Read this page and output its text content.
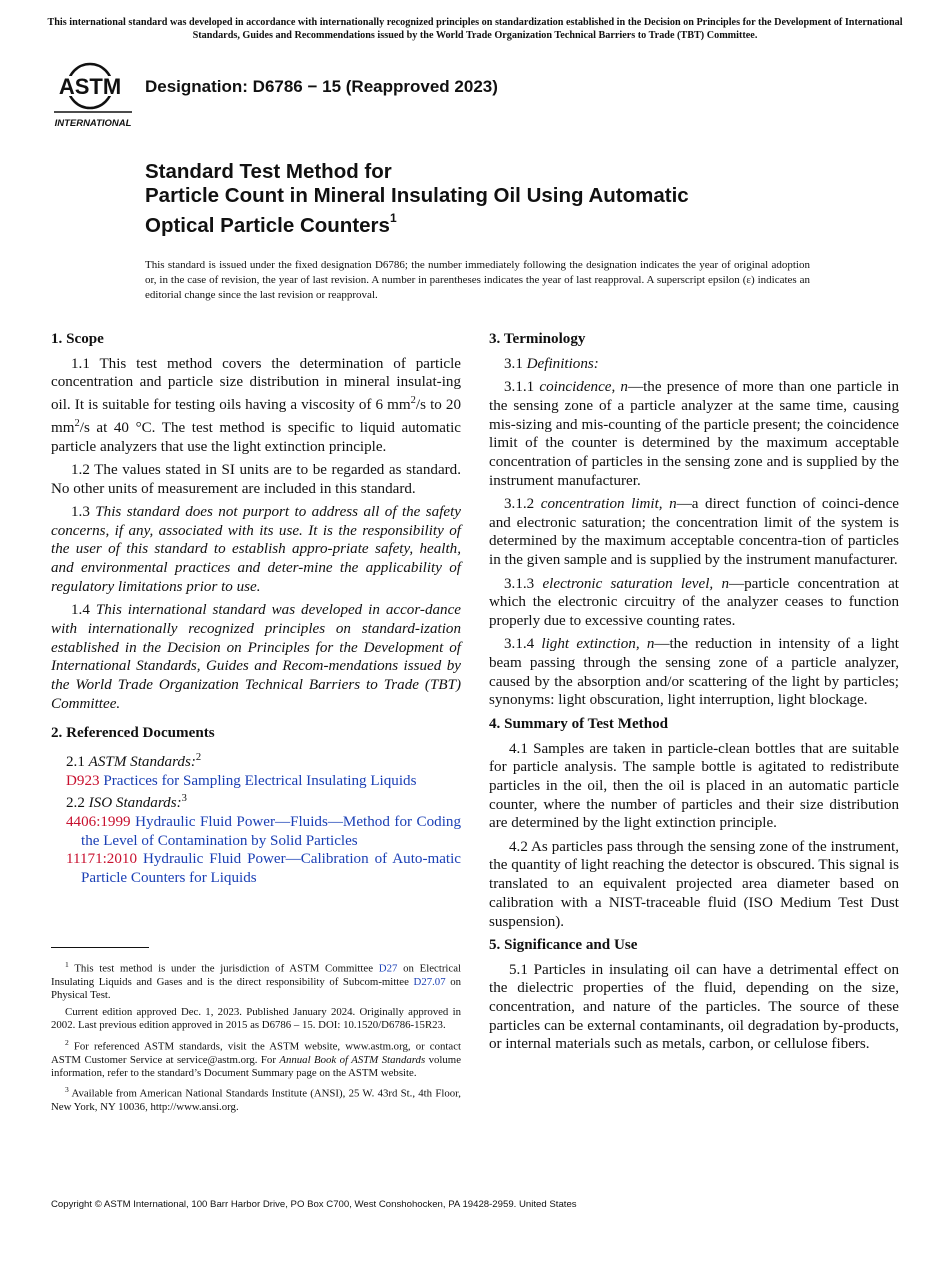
This international standard was developed in accordance with internationally recognized principles on standardization established in the Decision on Principles for the Development of International Standards, Guides and Recommendations issued by the World Trade Organization Technical Barriers to Trade (TBT) Committee.
ASTM
INTERNATIONAL
Designation: D6786 − 15 (Reapproved 2023)
Standard Test Method for
Particle Count in Mineral Insulating Oil Using Automatic
Optical Particle Counters$^1$
This standard is issued under the fixed designation D6786; the number immediately following the designation indicates the year of original adoption or, in the case of revision, the year of last revision. A number in parentheses indicates the year of last reapproval. A superscript epsilon (ε) indicates an editorial change since the last revision or reapproval.
1. Scope
1.1 This test method covers the determination of particle concentration and particle size distribution in mineral insulat-ing oil. It is suitable for testing oils having a viscosity of 6 $mm^2/s$ to 20 $mm^2/s$ at 40 °C. The test method is specific to liquid automatic particle analyzers that use the light extinction principle.
1.2 The values stated in SI units are to be regarded as standard. No other units of measurement are included in this standard.
1.3 This standard does not purport to address all of the safety concerns, if any, associated with its use. It is the responsibility of the user of this standard to establish appro-priate safety, health, and environmental practices and deter-mine the applicability of regulatory limitations prior to use.
1.4 This international standard was developed in accor-dance with internationally recognized principles on standard-ization established in the Decision on Principles for the Development of International Standards, Guides and Recom-mendations issued by the World Trade Organization Technical Barriers to Trade (TBT) Committee.
2. Referenced Documents
2.1 ASTM Standards:$^2$
D923 Practices for Sampling Electrical Insulating Liquids
2.2 ISO Standards:$^3$
4406:1999 Hydraulic Fluid Power—Fluids—Method for Coding the Level of Contamination by Solid Particles
11171:2010 Hydraulic Fluid Power—Calibration of Auto-matic Particle Counters for Liquids
3. Terminology
3.1 Definitions:
3.1.1 coincidence, n—the presence of more than one particle in the sensing zone of a particle analyzer at the same time, causing mis-sizing and mis-counting of the particle present; the coincidence limit of the counter is determined by the maximum acceptable concentration of particles in the sensing zone and is supplied by the instrument manufacturer.
3.1.2 concentration limit, n—a direct function of coinci-dence and electronic saturation; the concentration limit of the system is determined by the maximum acceptable concentra-tion of particles in the given sample and is supplied by the instrument manufacturer.
3.1.3 electronic saturation level, n—particle concentration at which the electronic circuitry of the analyzer ceases to function properly due to excessive counting rates.
3.1.4 light extinction, n—the reduction in intensity of a light beam passing through the sensing zone of a particle analyzer, caused by the absorption and/or scattering of the light by particles; synonyms: light obscuration, light interruption, light blockage.
4. Summary of Test Method
4.1 Samples are taken in particle-clean bottles that are suitable for particle analysis. The sample bottle is agitated to redistribute particles in the oil, then the oil is placed in an automatic particle counter, where the number of particles and their size distribution are determined by the light extinction principle.
4.2 As particles pass through the sensing zone of the instrument, the quantity of light reaching the detector is obscured. This signal is translated to an equivalent projected area diameter based on calibration with a NIST-traceable fluid (ISO Medium Test Dust suspension).
5. Significance and Use
5.1 Particles in insulating oil can have a detrimental effect on the dielectric properties of the fluid, depending on the size, concentration, and nature of the particles. The source of these particles can be external contaminants, oil degradation by-products, or internal materials such as metals, carbon, or cellulose fibers.
$^1$ This test method is under the jurisdiction of ASTM Committee D27 on Electrical Insulating Liquids and Gases and is the direct responsibility of Subcom-mittee D27.07 on Physical Test.
Current edition approved Dec. 1, 2023. Published January 2024. Originally approved in 2002. Last previous edition approved in 2015 as D6786 – 15. DOI: 10.1520/D6786-15R23.
$^2$ For referenced ASTM standards, visit the ASTM website, www.astm.org, or contact ASTM Customer Service at service@astm.org. For Annual Book of ASTM Standards volume information, refer to the standard’s Document Summary page on the ASTM website.
$^3$ Available from American National Standards Institute (ANSI), 25 W. 43rd St., 4th Floor, New York, NY 10036, http://www.ansi.org.
Copyright © ASTM International, 100 Barr Harbor Drive, PO Box C700, West Conshohocken, PA 19428-2959. United States
